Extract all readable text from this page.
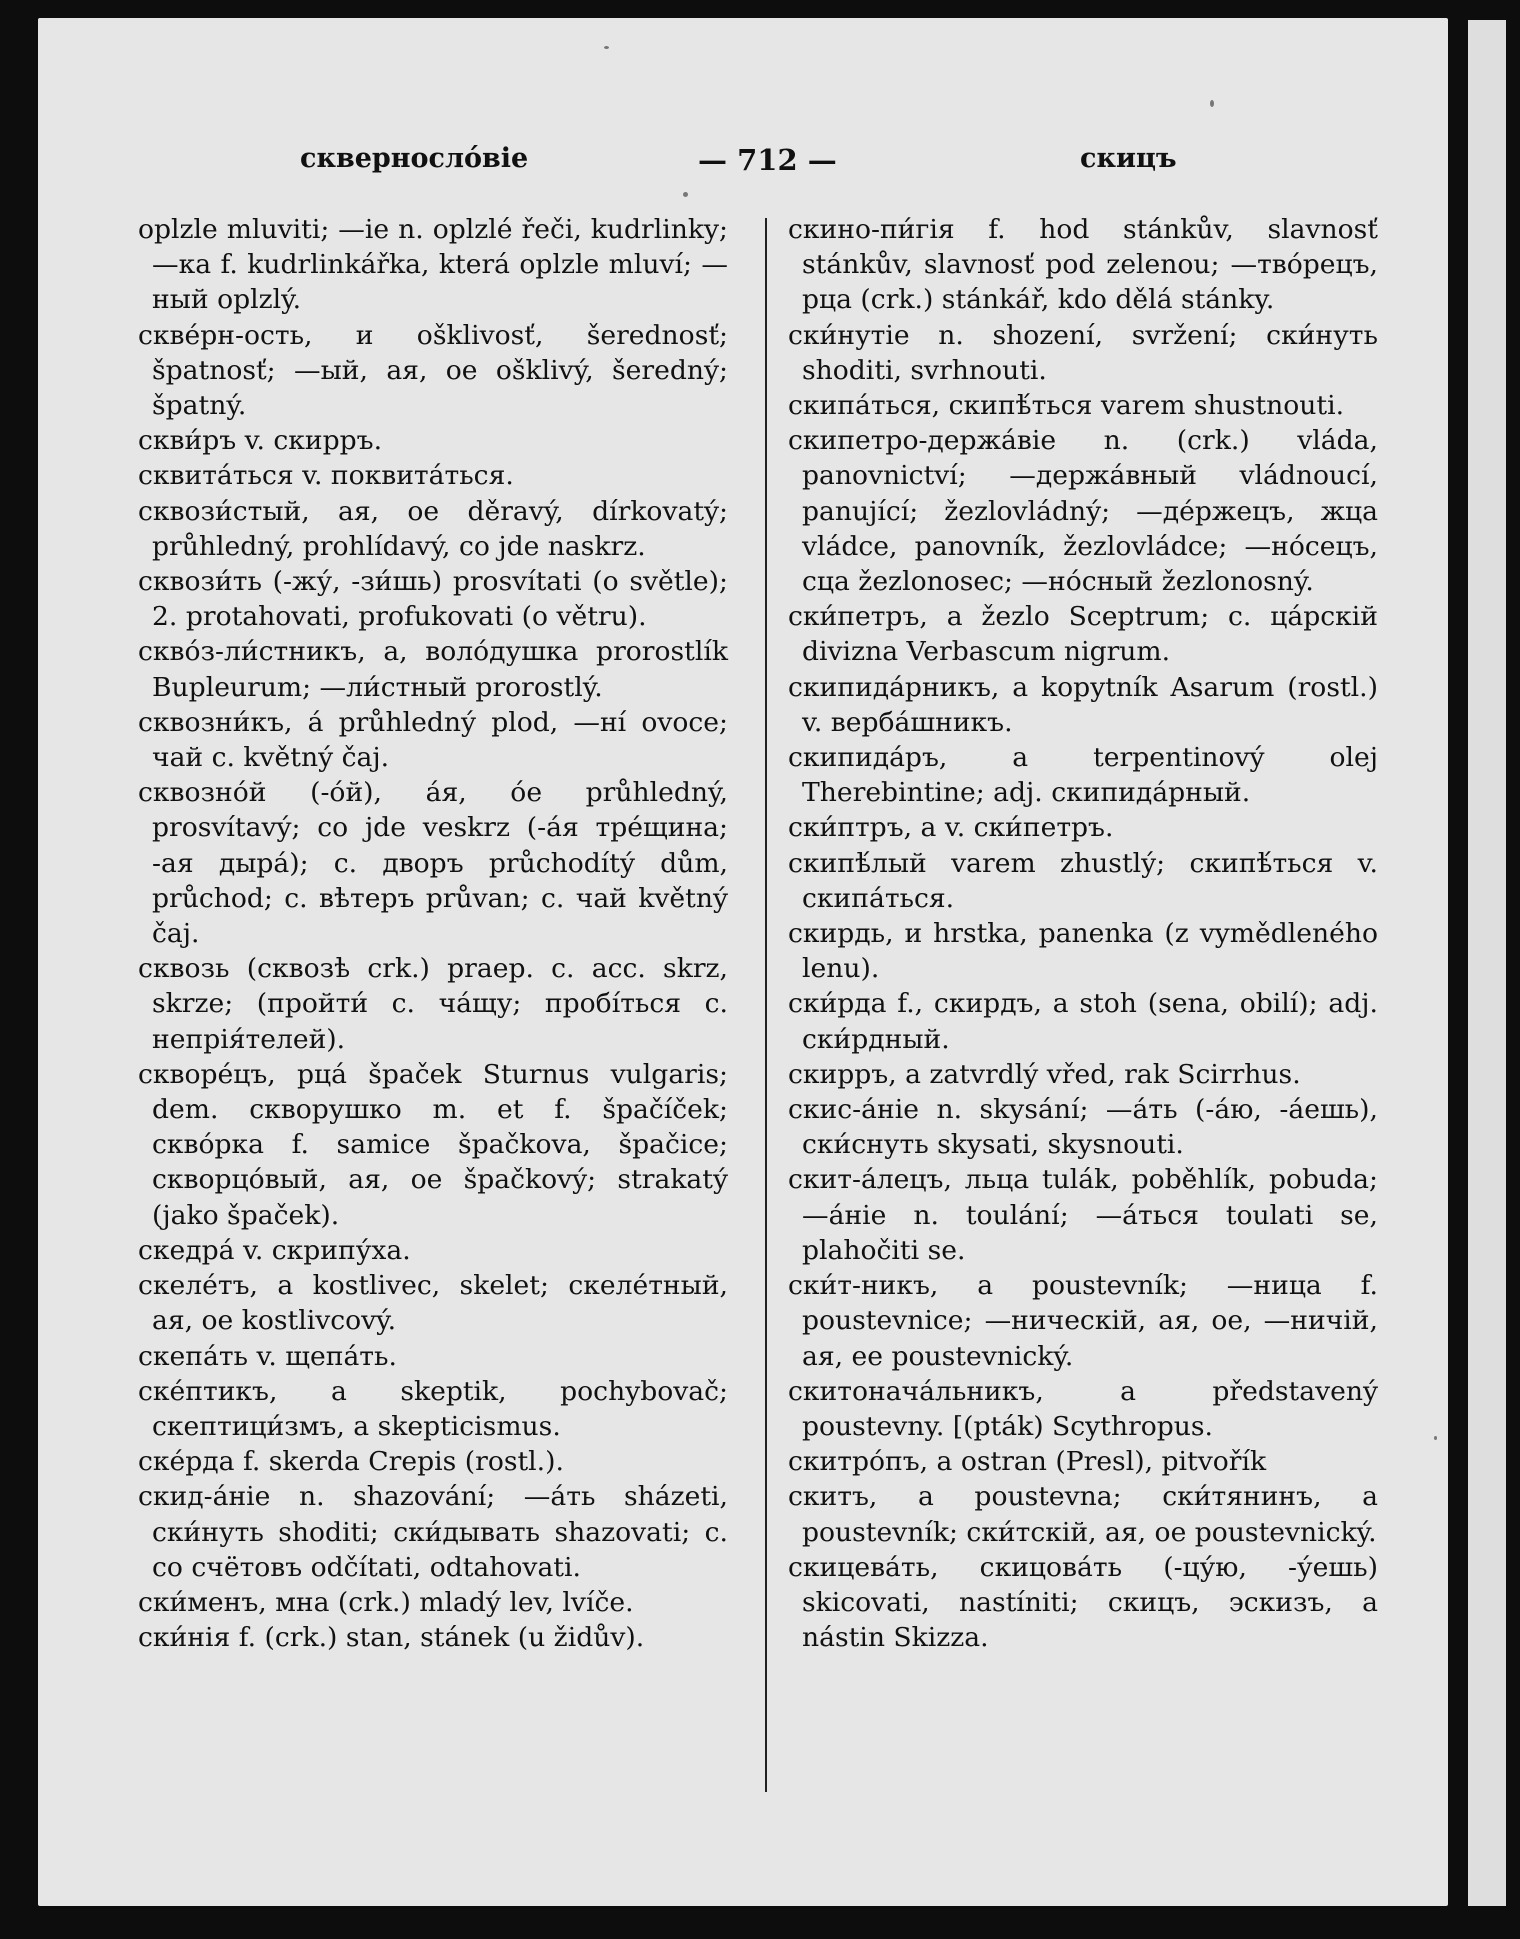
скверносло́віе	— 712 —	скицъ
oplzle mluviti; —ie n. oplzlé řeči, kudrlinky; —ка f. kudrlinkářka, která oplzle mluví; —ный oplzlý.
скве́рн-ость, и ošklivosť, šerednosť; špatnosť; —ый, ая, ое ošklivý, šeredný; špatný.
скви́ръ v. скирръ.
сквита́ться v. поквита́ться.
сквози́стый, ая, ое děravý, dírkovatý; průhledný, prohlídavý, co jde naskrz.
сквози́ть (-жу́, -зи́шь) prosvítati (o světle); 2. protahovati, profukovati (o větru).
скво́з-ли́стникъ, а, воло́душка prorostlík Bupleurum; —ли́стный prorostlý.
сквозни́къ, а́ průhledný plod, —ні́ ovoce; чай с. květný čaj.
сквозно́й (-о́й), а́я, о́е průhledný, prosvítavý; co jde veskrz (-а́я тре́щина; -ая дыра́); с. дворъ průchodítý dům, průchod; с. вѣтеръ průvan; с. чай květný čaj.
сквозь (сквозѣ crk.) praep. c. acc. skrz, skrze; (пройти́ с. ча́щу; пробі́ться с. непрія́телей).
скворе́цъ, рца́ špaček Sturnus vulgaris; dem. скворушко m. et f. špačíček; скво́рка f. samice špačkova, špačice; скворцо́вый, ая, ое špačkový; strakatý (jako špaček).
скедра́ v. скрипу́ха.
скеле́тъ, а kostlivec, skelet; скеле́тный, ая, ое kostlivcový.
скепа́ть v. щепа́ть.
ске́птикъ, а skeptik, pochybovač; скептици́змъ, а skepticismus.
ске́рда f. skerda Crepis (rostl.).
скид-а́ніе n. shazování; —а́ть sházeti, ски́нуть shoditi; ски́дывать shazovati; с. со счётовъ odčítati, odtahovati.
ски́менъ, мна (crk.) mladý lev, lvíče.
ски́нія f. (crk.) stan, stánek (u židův).
скино-пи́гія f. hod stánkův, slavnosť stánkův, slavnosť pod zelenou; —тво́рецъ, рца (crk.) stánkář, kdo dělá stánky.
ски́нутіе n. shození, svržení; ски́нуть shoditi, svrhnouti.
скипа́ться, скипѣ́ться varem shustnouti.
скипетро-держа́віе n. (crk.) vláda, panovnictví; —держа́вный vládnoucí, panující; žezlovládný; —де́ржецъ, жца vládce, panovník, žezlovládce; —но́сецъ, сца žezlonosec; —но́сный žezlonosný.
ски́петръ, а žezlo Sceptrum; с. ца́рскій divizna Verbascum nigrum.
скипида́рникъ, а kopytník Asarum (rostl.) v. верба́шникъ.
скипида́ръ, а terpentinový olej Therebintine; adj. скипида́рный.
ски́птръ, а v. ски́петръ.
скипѣ́лый varem zhustlý; скипѣ́ться v. скипа́ться.
скирдь, и hrstka, panenka (z vymědleného lenu).
ски́рда f., скирдъ, а stoh (sena, obilí); adj. ски́рдный.
скирръ, а zatvrdlý vřed, rak Scirrhus.
скис-а́ніе n. skysání; —а́ть (-а́ю, -а́ешь), ски́снуть skysati, skysnouti.
скит-а́лецъ, льца tulák, poběhlík, pobuda; —а́ніе n. toulání; —а́ться toulati se, plahočiti se.
ски́т-никъ, а poustevník; —ница f. poustevnice; —ническій, ая, ое, —ничій, ая, ее poustevnický.
скитонача́льникъ, а představený poustevny. [(pták) Scythropus.
скитро́пъ, а ostran (Presl), pitvořík
скитъ, а poustevna; ски́тянинъ, а poustevník; ски́тскій, ая, ое poustevnický.
скицева́ть, скицова́ть (-цу́ю, -у́ешь) skicovati, nastíniti; скицъ, эскизъ, а nástin Skizza.
